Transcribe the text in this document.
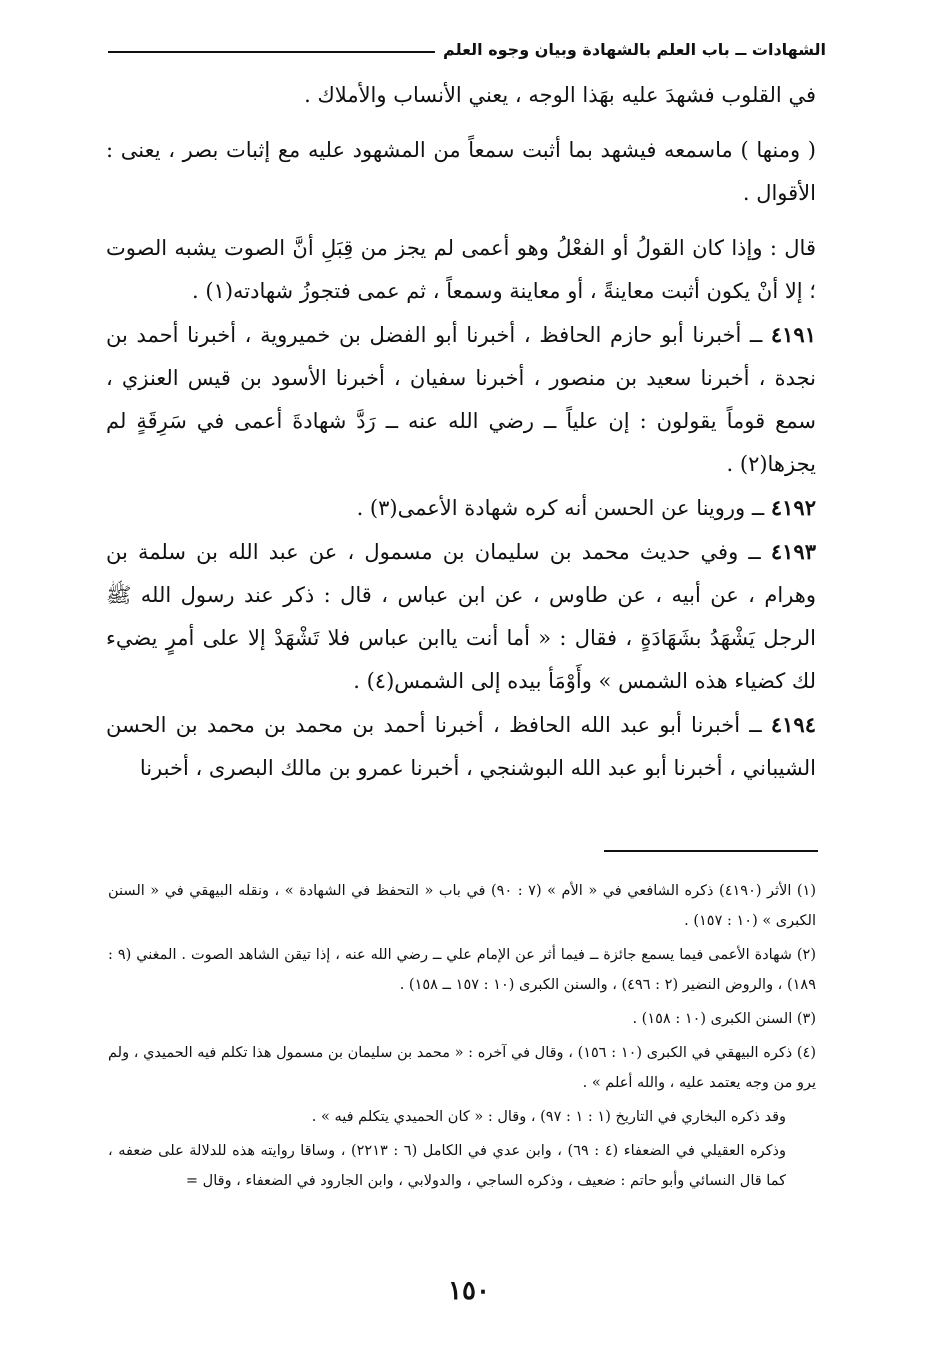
الشهادات ــ باب العلم بالشهادة وبيان وجوه العلم

في القلوب فشهدَ عليه بهَذا الوجه ، يعني الأنساب والأملاك .

( ومنها ) ماسمعه فيشهد بما أثبت سمعاً من المشهود عليه مع إثبات بصر ، يعنى : الأقوال .

قال : وإذا كان القولُ أو الفعْلُ وهو أعمى لم يجز من قِبَلِ أنَّ الصوت يشبه الصوت ؛ إلا أنْ يكون أثبت معاينةً ، أو معاينة وسمعاً ، ثم عمى فتجوزُ شهادته(١) .

٤١٩١ ــ أخبرنا أبو حازم الحافظ ، أخبرنا أبو الفضل بن خميروية ، أخبرنا أحمد بن نجدة ، أخبرنا سعيد بن منصور ، أخبرنا سفيان ، أخبرنا الأسود بن قيس العنزي ، سمع قوماً يقولون : إن علياً ــ رضي الله عنه ــ رَدَّ شهادةَ أعمى في سَرِقَةٍ لم يجزها(٢) .

٤١٩٢ ــ وروينا عن الحسن أنه كره شهادة الأعمى(٣) .

٤١٩٣ ــ وفي حديث محمد بن سليمان بن مسمول ، عن عبد الله بن سلمة بن وهرام ، عن أبيه ، عن طاوس ، عن ابن عباس ، قال : ذكر عند رسول الله ﷺ الرجل يَشْهَدُ بشَهَادَةٍ ، فقال : « أما أنت ياابن عباس فلا تَشْهَدْ إلا على أمرٍ يضيء لك كضياء هذه الشمس » وأَوْمَأ بيده إلى الشمس(٤) .

٤١٩٤ ــ أخبرنا أبو عبد الله الحافظ ، أخبرنا أحمد بن محمد بن محمد بن الحسن الشيباني ، أخبرنا أبو عبد الله البوشنجي ، أخبرنا عمرو بن مالك البصرى ، أخبرنا

(١) الأثر (٤١٩٠) ذكره الشافعي في « الأم » (٧ : ٩٠) في باب « التحفظ في الشهادة » ، ونقله البيهقي في « السنن الكبرى » (١٠ : ١٥٧) .

(٢) شهادة الأعمى فيما يسمع جائزة ــ فيما أثر عن الإمام علي ــ رضي الله عنه ، إذا تيقن الشاهد الصوت . المغني (٩ : ١٨٩) ، والروض النضير (٢ : ٤٩٦) ، والسنن الكبرى (١٠ : ١٥٧ ــ ١٥٨) .

(٣) السنن الكبرى (١٠ : ١٥٨) .

(٤) ذكره البيهقي في الكبرى (١٠ : ١٥٦) ، وقال في آخره : « محمد بن سليمان بن مسمول هذا تكلم فيه الحميدي ، ولم يرو من وجه يعتمد عليه ، والله أعلم » .

وقد ذكره البخاري في التاريخ (١ : ١ : ٩٧) ، وقال : « كان الحميدي يتكلم فيه » .

وذكره العقيلي في الضعفاء (٤ : ٦٩) ، وابن عدي في الكامل (٦ : ٢٢١٣) ، وساقا روايته هذه للدلالة على ضعفه ، كما قال النسائي وأبو حاتم : ضعيف ، وذكره الساجي ، والدولابي ، وابن الجارود في الضعفاء ، وقال =

١٥٠
